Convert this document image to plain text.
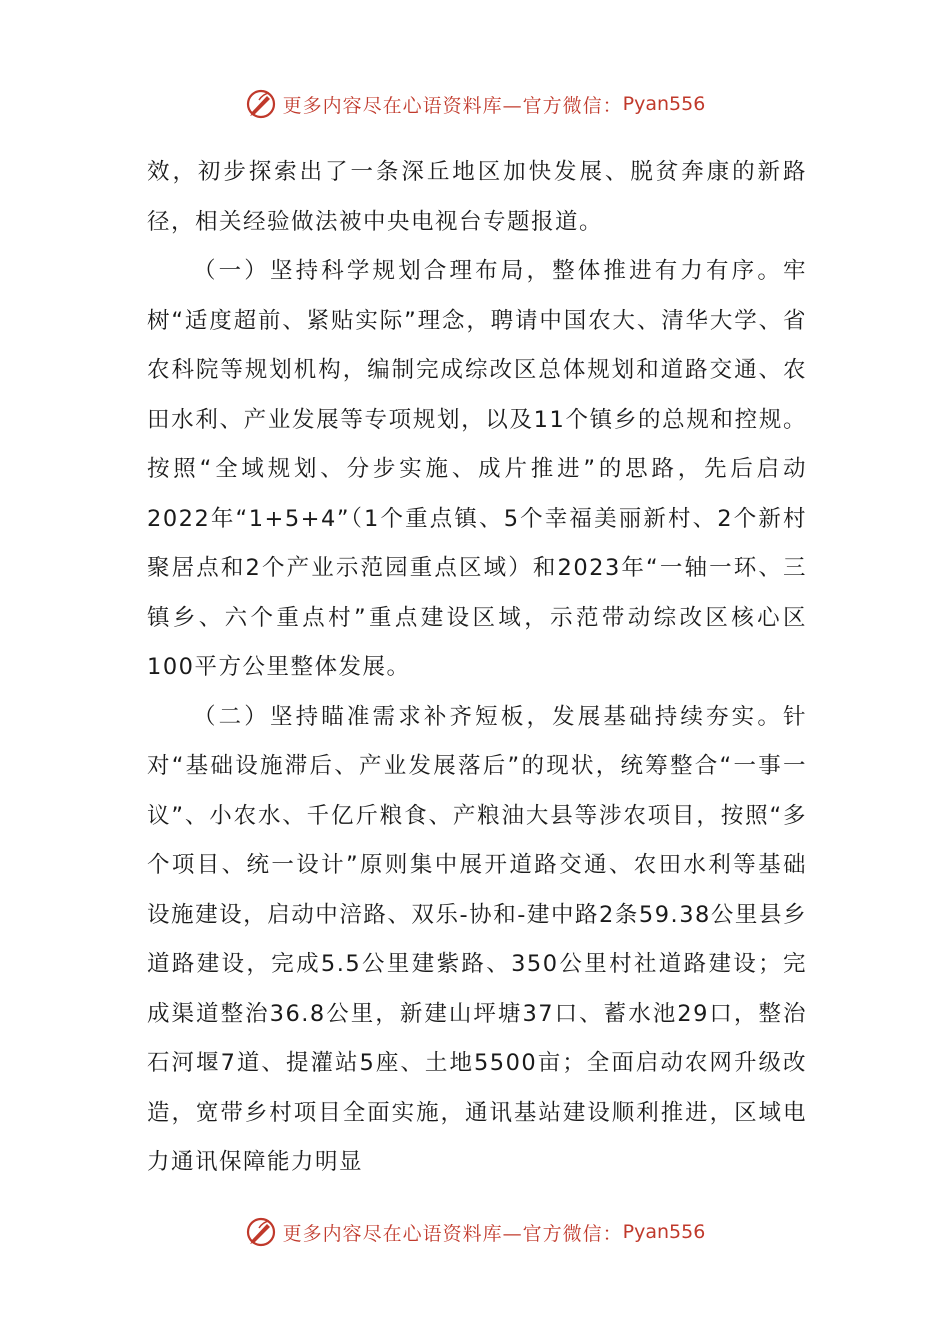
更多内容尽在心语资料库—官方微信： Pyan556

效，初步探索出了一条深丘地区加快发展、脱贫奔康的新路径，相关经验做法被中央电视台专题报道。

（一）坚持科学规划合理布局，整体推进有力有序。牢树“适度超前、紧贴实际”理念，聘请中国农大、清华大学、省农科院等规划机构，编制完成综改区总体规划和道路交通、农田水利、产业发展等专项规划，以及11个镇乡的总规和控规。按照“全域规划、分步实施、成片推进”的思路，先后启动2022年“1+5+4”（1个重点镇、5个幸福美丽新村、2个新村聚居点和2个产业示范园重点区域）和2023年“一轴一环、三镇乡、六个重点村”重点建设区域，示范带动综改区核心区100平方公里整体发展。

（二）坚持瞄准需求补齐短板，发展基础持续夯实。针对“基础设施滞后、产业发展落后”的现状，统筹整合“一事一议”、小农水、千亿斤粮食、产粮油大县等涉农项目，按照“多个项目、统一设计”原则集中展开道路交通、农田水利等基础设施建设，启动中涪路、双乐-协和-建中路2条59.38公里县乡道路建设，完成5.5公里建紫路、350公里村社道路建设；完成渠道整治36.8公里，新建山坪塘37口、蓄水池29口，整治石河堰7道、提灌站5座、土地5500亩；全面启动农网升级改造，宽带乡村项目全面实施，通讯基站建设顺利推进，区域电力通讯保障能力明显

更多内容尽在心语资料库—官方微信： Pyan556
